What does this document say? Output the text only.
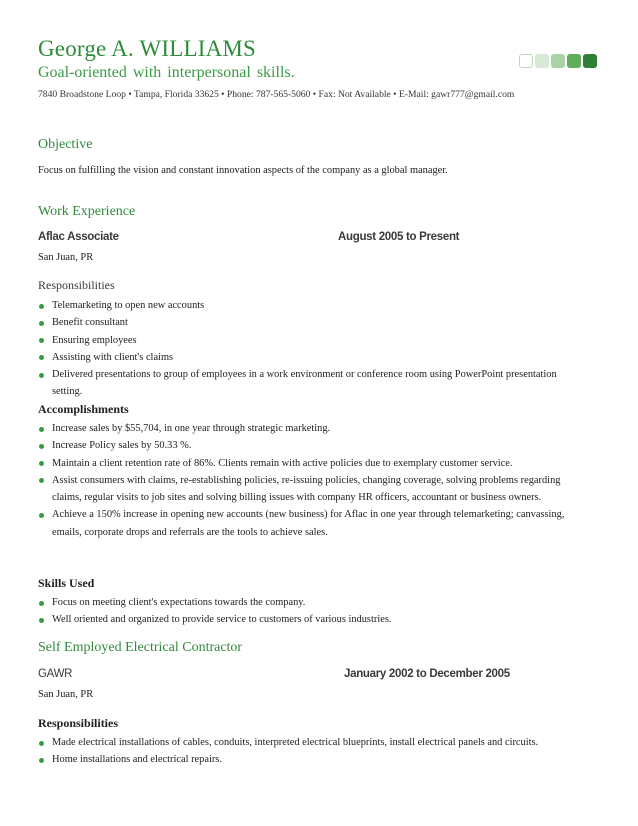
George A. WILLIAMS
Goal-oriented with interpersonal skills.
7840 Broadstone Loop • Tampa, Florida 33625 • Phone: 787-565-5060 • Fax: Not Available • E-Mail: gawr777@gmail.com
Objective
Focus on fulfilling the vision and constant innovation aspects of the company as a global manager.
Work Experience
Aflac Associate	August 2005 to Present
San Juan, PR
Responsibilities
Telemarketing to open new accounts
Benefit consultant
Ensuring employees
Assisting with client's claims
Delivered presentations to group of employees in a work environment or conference room using PowerPoint presentation setting.
Accomplishments
Increase sales by $55,704, in one year through strategic marketing.
Increase Policy sales by 50.33 %.
Maintain a client retention rate of 86%. Clients remain with active policies due to exemplary customer service.
Assist consumers with claims, re-establishing policies, re-issuing policies, changing coverage, solving problems regarding claims, regular visits to job sites and solving billing issues with company HR officers, accountant or business owners.
Achieve a 150% increase in opening new accounts (new business) for Aflac in one year through telemarketing; canvassing, emails, corporate drops and referrals are the tools to achieve sales.
Skills Used
Focus on meeting client's expectations towards the company.
Well oriented and organized to provide service to customers of various industries.
Self Employed Electrical Contractor
GAWR	January 2002 to December 2005
San Juan, PR
Responsibilities
Made electrical installations of cables, conduits, interpreted electrical blueprints, install electrical panels and circuits.
Home installations and electrical repairs.
